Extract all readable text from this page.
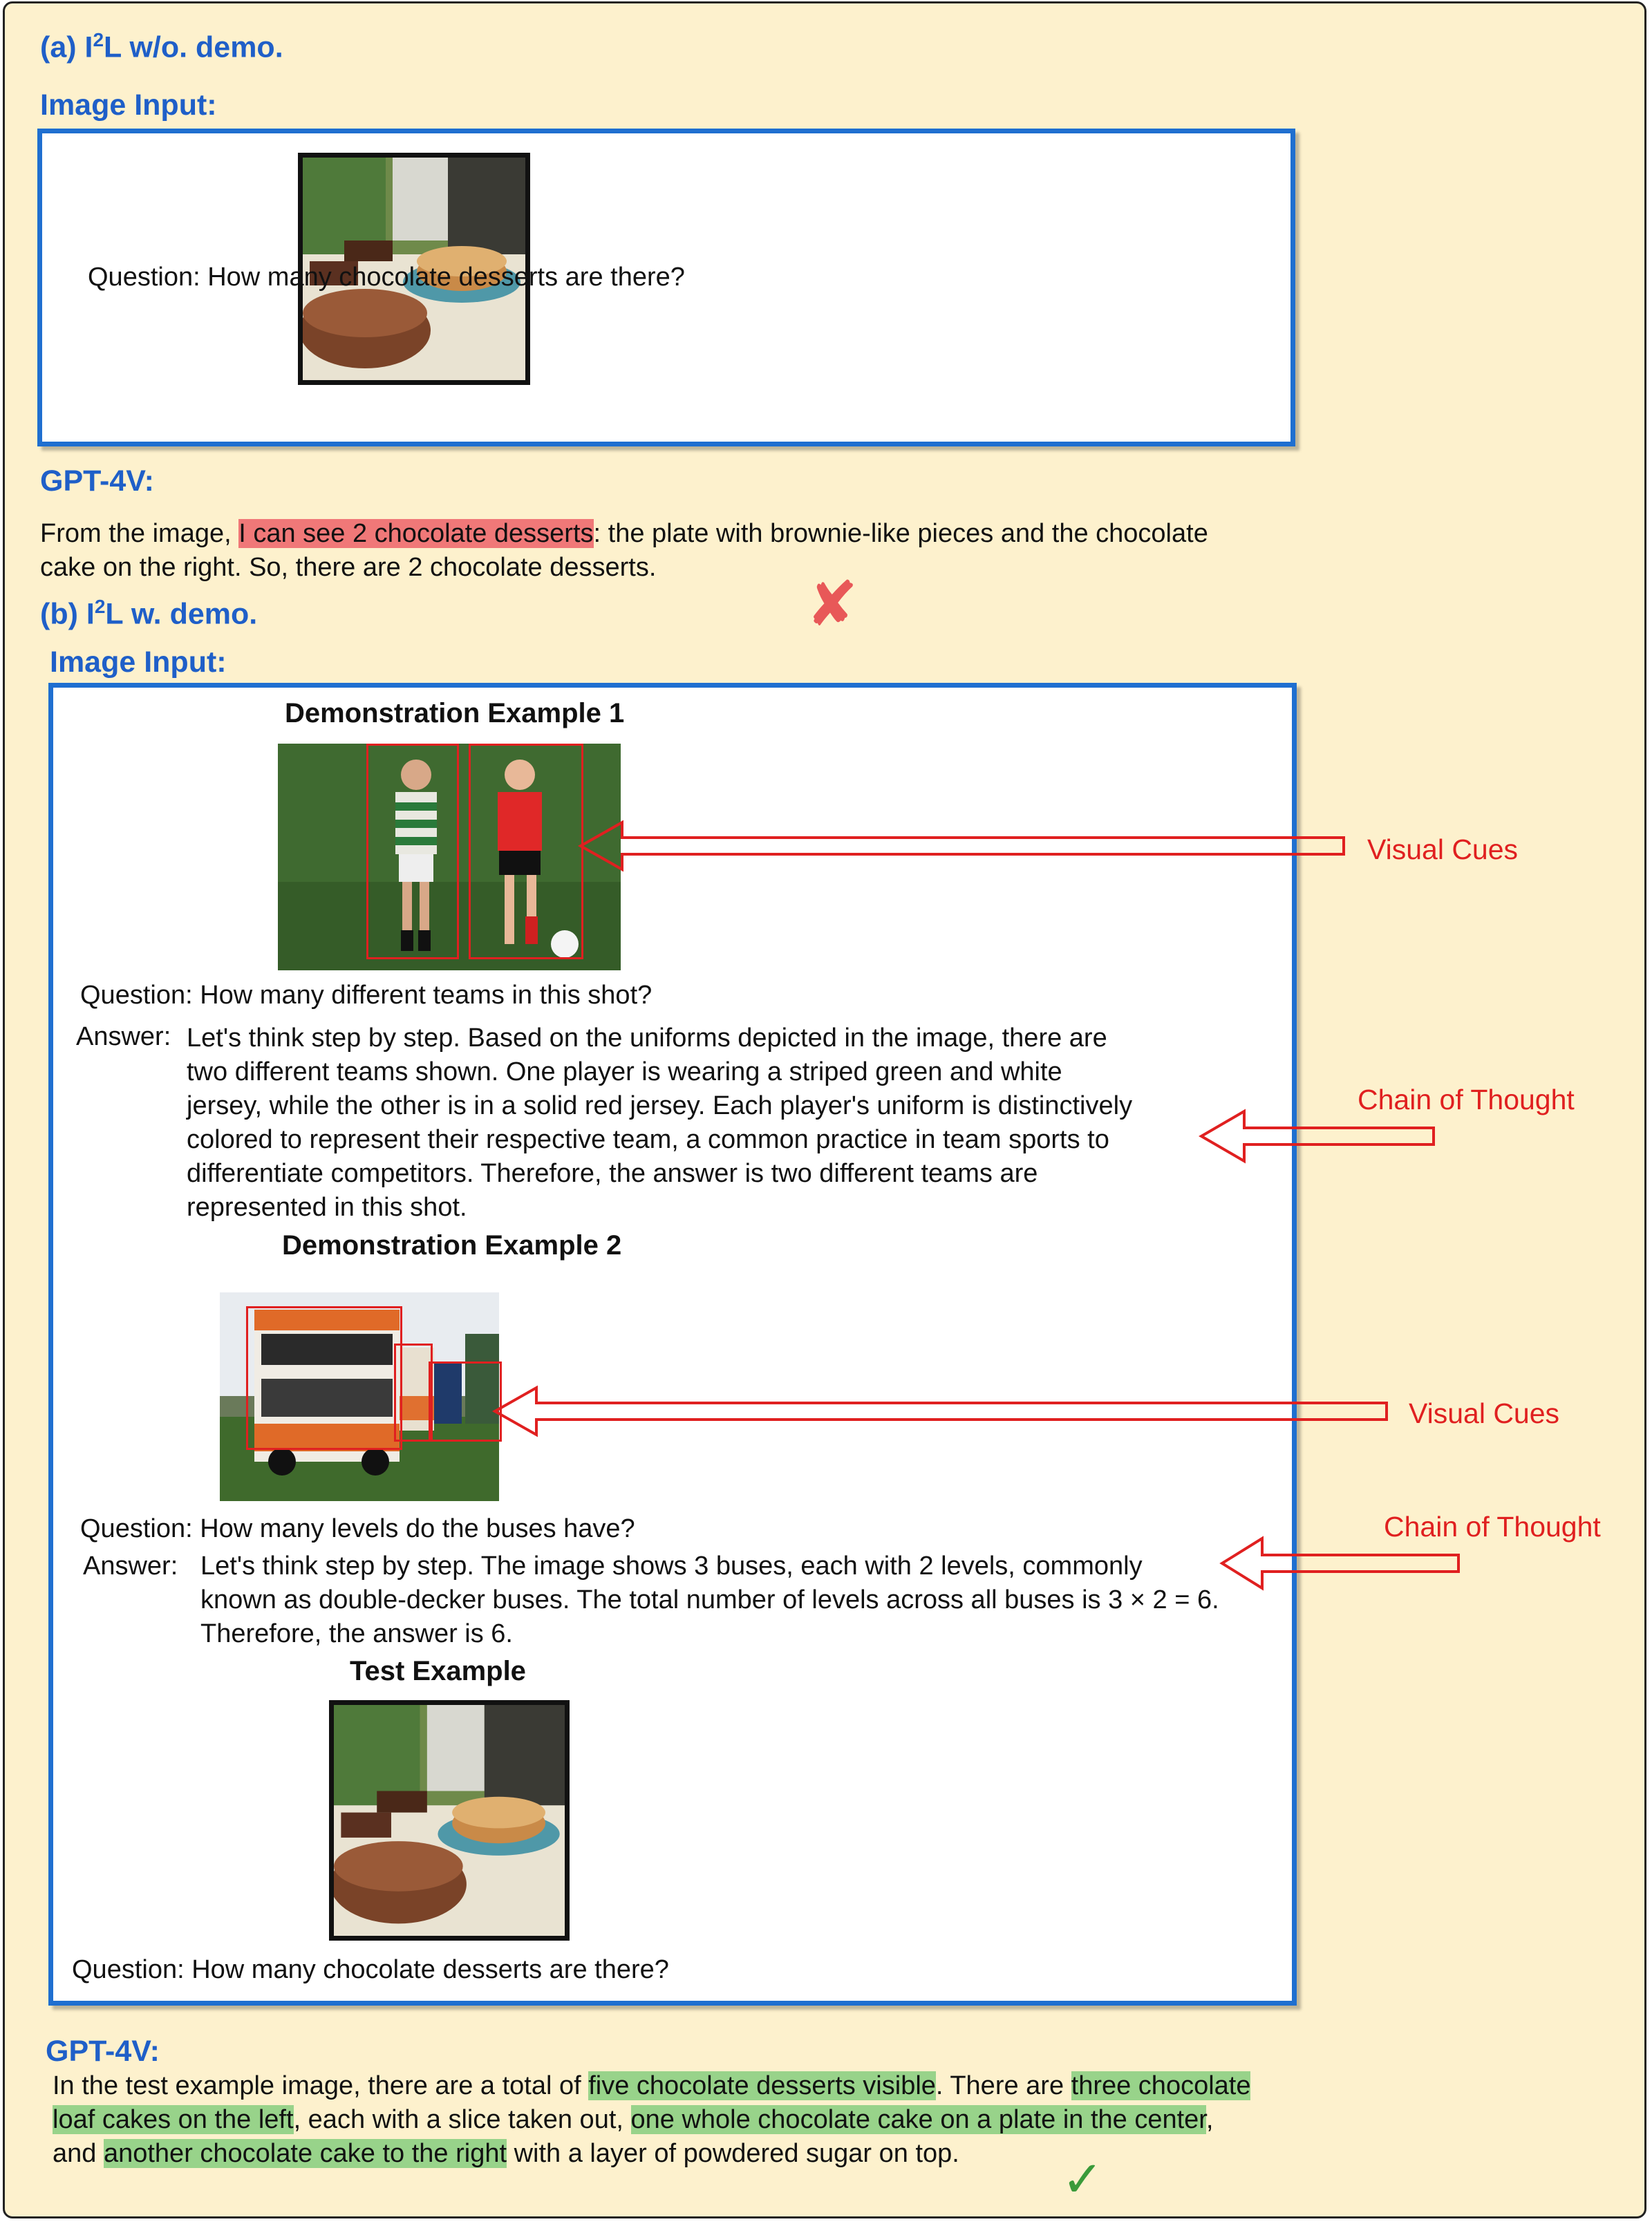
(a) $I^2L$ w/o. demo.
Image Input:
Question: How many chocolate desserts are there?
GPT-4V:
From the image, I can see 2 chocolate desserts: the plate with brownie-like pieces and the chocolate
cake on the right. So, there are 2 chocolate desserts.
✘
(b) $I^2L$ w. demo.
Image Input:
Demonstration Example 1
Question: How many different teams in this shot?
Answer: Let's think step by step. Based on the uniforms depicted in the image, there are
two different teams shown. One player is wearing a striped green and white
jersey, while the other is in a solid red jersey. Each player's uniform is distinctively
colored to represent their respective team, a common practice in team sports to
differentiate competitors. Therefore, the answer is two different teams are
represented in this shot.
Demonstration Example 2
Question: How many levels do the buses have?
Answer: Let's think step by step. The image shows 3 buses, each with 2 levels, commonly
known as double-decker buses. The total number of levels across all buses is 3 × 2 = 6.
Therefore, the answer is 6.
Test Example
Question: How many chocolate desserts are there?
Visual Cues
Chain of Thought
Visual Cues
Chain of Thought
GPT-4V:
In the test example image, there are a total of five chocolate desserts visible. There are three chocolate
loaf cakes on the left, each with a slice taken out, one whole chocolate cake on a plate in the center,
and another chocolate cake to the right with a layer of powdered sugar on top. ✓
